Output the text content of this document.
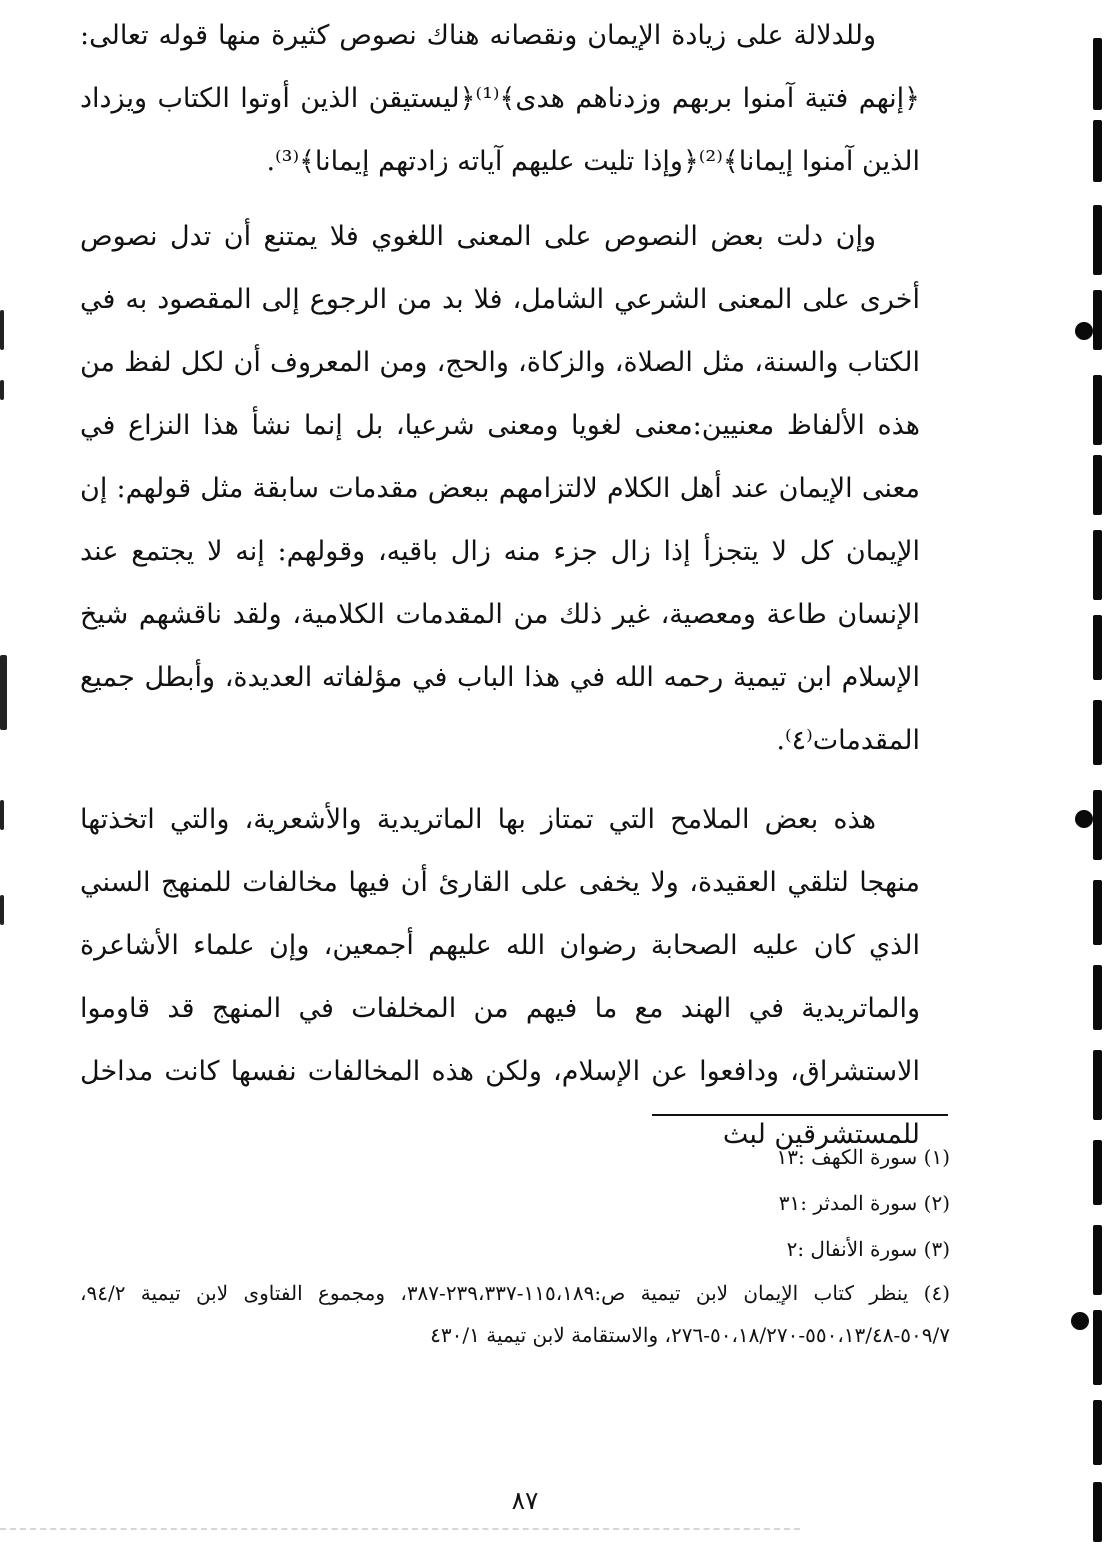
وللدلالة على زيادة الإيمان ونقصانه هناك نصوص كثيرة منها قوله تعالى:﴿إنهم فتية آمنوا بربهم وزدناهم هدى﴾⁽¹⁾﴿ليستيقن الذين أوتوا الكتاب ويزداد الذين آمنوا إيمانا﴾⁽²⁾﴿وإذا تليت عليهم آياته زادتهم إيمانا﴾⁽³⁾.

وإن دلت بعض النصوص على المعنى اللغوي فلا يمتنع أن تدل نصوص أخرى على المعنى الشرعي الشامل، فلا بد من الرجوع إلى المقصود به في الكتاب والسنة، مثل الصلاة، والزكاة، والحج، ومن المعروف أن لكل لفظ من هذه الألفاظ معنيين:معنى لغويا ومعنى شرعيا، بل إنما نشأ هذا النزاع في معنى الإيمان عند أهل الكلام لالتزامهم ببعض مقدمات سابقة مثل قولهم: إن الإيمان كل لا يتجزأ إذا زال جزء منه زال باقيه، وقولهم: إنه لا يجتمع عند الإنسان طاعة ومعصية، غير ذلك من المقدمات الكلامية، ولقد ناقشهم شيخ الإسلام ابن تيمية رحمه الله في هذا الباب في مؤلفاته العديدة، وأبطل جميع المقدمات⁽٤⁾.

هذه بعض الملامح التي تمتاز بها الماتريدية والأشعرية، والتي اتخذتها منهجا لتلقي العقيدة، ولا يخفى على القارئ أن فيها مخالفات للمنهج السني الذي كان عليه الصحابة رضوان الله عليهم أجمعين، وإن علماء الأشاعرة والماتريدية في الهند مع ما فيهم من المخلفات في المنهج قد قاوموا الاستشراق، ودافعوا عن الإسلام، ولكن هذه المخالفات نفسها كانت مداخل للمستشرقين لبث

(١) سورة الكهف :١٣

(٢) سورة المدثر :٣١

(٣) سورة الأنفال :٢

(٤) ينظر كتاب الإيمان لابن تيمية ص:١١٥،١٨٩-٢٣٩،٣٣٧-٣٨٧، ومجموع الفتاوى لابن تيمية ٩٤/٢، ٥٠٩/٧-٥٥٠،١٣/٤٨-٥٠،١٨/٢٧٠-٢٧٦، والاستقامة لابن تيمية ٤٣٠/١

٨٧
